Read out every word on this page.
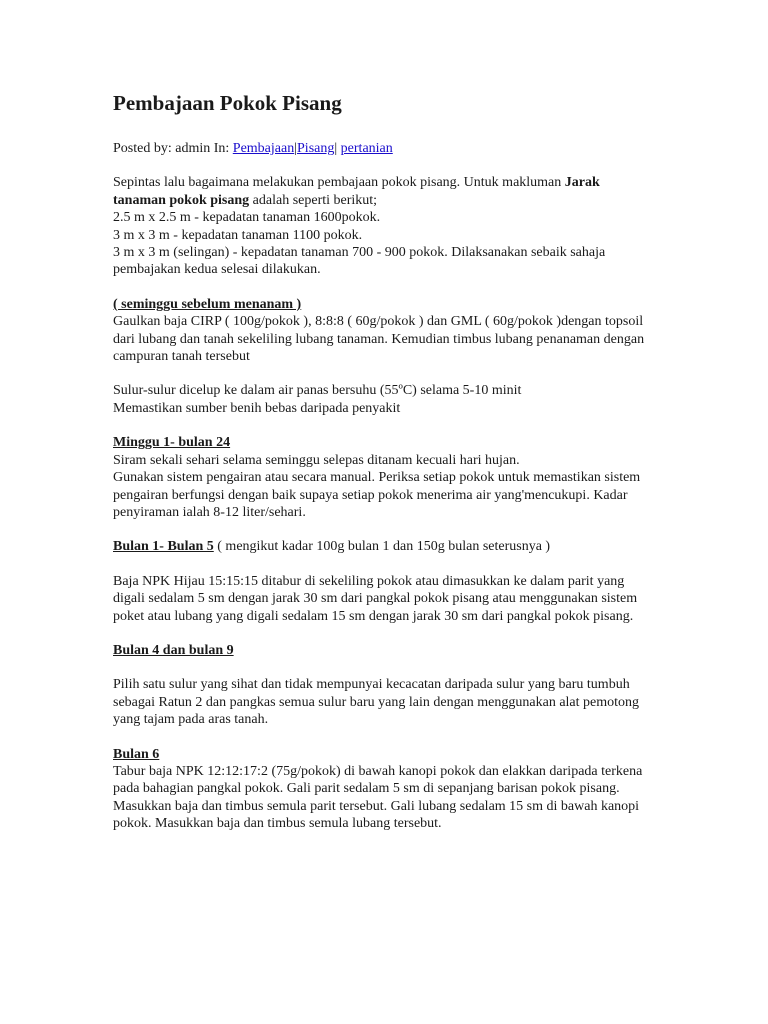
Pembajaan Pokok Pisang

Posted by: admin In: Pembajaan|Pisang| pertanian

Sepintas lalu bagaimana melakukan pembajaan pokok pisang. Untuk makluman Jarak tanaman pokok pisang adalah seperti berikut;
2.5 m x 2.5 m - kepadatan tanaman 1600pokok.
3 m x 3 m - kepadatan tanaman 1100 pokok.
3 m x 3 m (selingan) - kepadatan tanaman 700 - 900 pokok. Dilaksanakan sebaik sahaja pembajakan kedua selesai dilakukan.

( seminggu sebelum menanam )
Gaulkan baja CIRP ( 100g/pokok ), 8:8:8 ( 60g/pokok ) dan GML ( 60g/pokok )dengan topsoil dari lubang dan tanah sekeliling lubang tanaman. Kemudian timbus lubang penanaman dengan campuran tanah tersebut

Sulur-sulur dicelup ke dalam air panas bersuhu (55ºC) selama 5-10 minit
Memastikan sumber benih bebas daripada penyakit

Minggu 1- bulan 24
Siram sekali sehari selama seminggu selepas ditanam kecuali hari hujan.
Gunakan sistem pengairan atau secara manual. Periksa setiap pokok untuk memastikan sistem pengairan berfungsi dengan baik supaya setiap pokok menerima air yang'mencukupi. Kadar penyiraman ialah 8-12 liter/sehari.

Bulan 1- Bulan 5 ( mengikut kadar 100g bulan 1 dan 150g bulan seterusnya )

Baja NPK Hijau 15:15:15 ditabur di sekeliling pokok atau dimasukkan ke dalam parit yang digali sedalam 5 sm dengan jarak 30 sm dari pangkal pokok pisang atau menggunakan sistem poket atau lubang yang digali sedalam 15 sm dengan jarak 30 sm dari pangkal pokok pisang.

Bulan 4 dan bulan 9

Pilih satu sulur yang sihat dan tidak mempunyai kecacatan daripada sulur yang baru tumbuh sebagai Ratun 2 dan pangkas semua sulur baru yang lain dengan menggunakan alat pemotong yang tajam pada aras tanah.

Bulan 6
Tabur baja NPK 12:12:17:2 (75g/pokok) di bawah kanopi pokok dan elakkan daripada terkena pada bahagian pangkal pokok. Gali parit sedalam 5 sm di sepanjang barisan pokok pisang. Masukkan baja dan timbus semula parit tersebut. Gali lubang sedalam 15 sm di bawah kanopi pokok. Masukkan baja dan timbus semula lubang tersebut.
